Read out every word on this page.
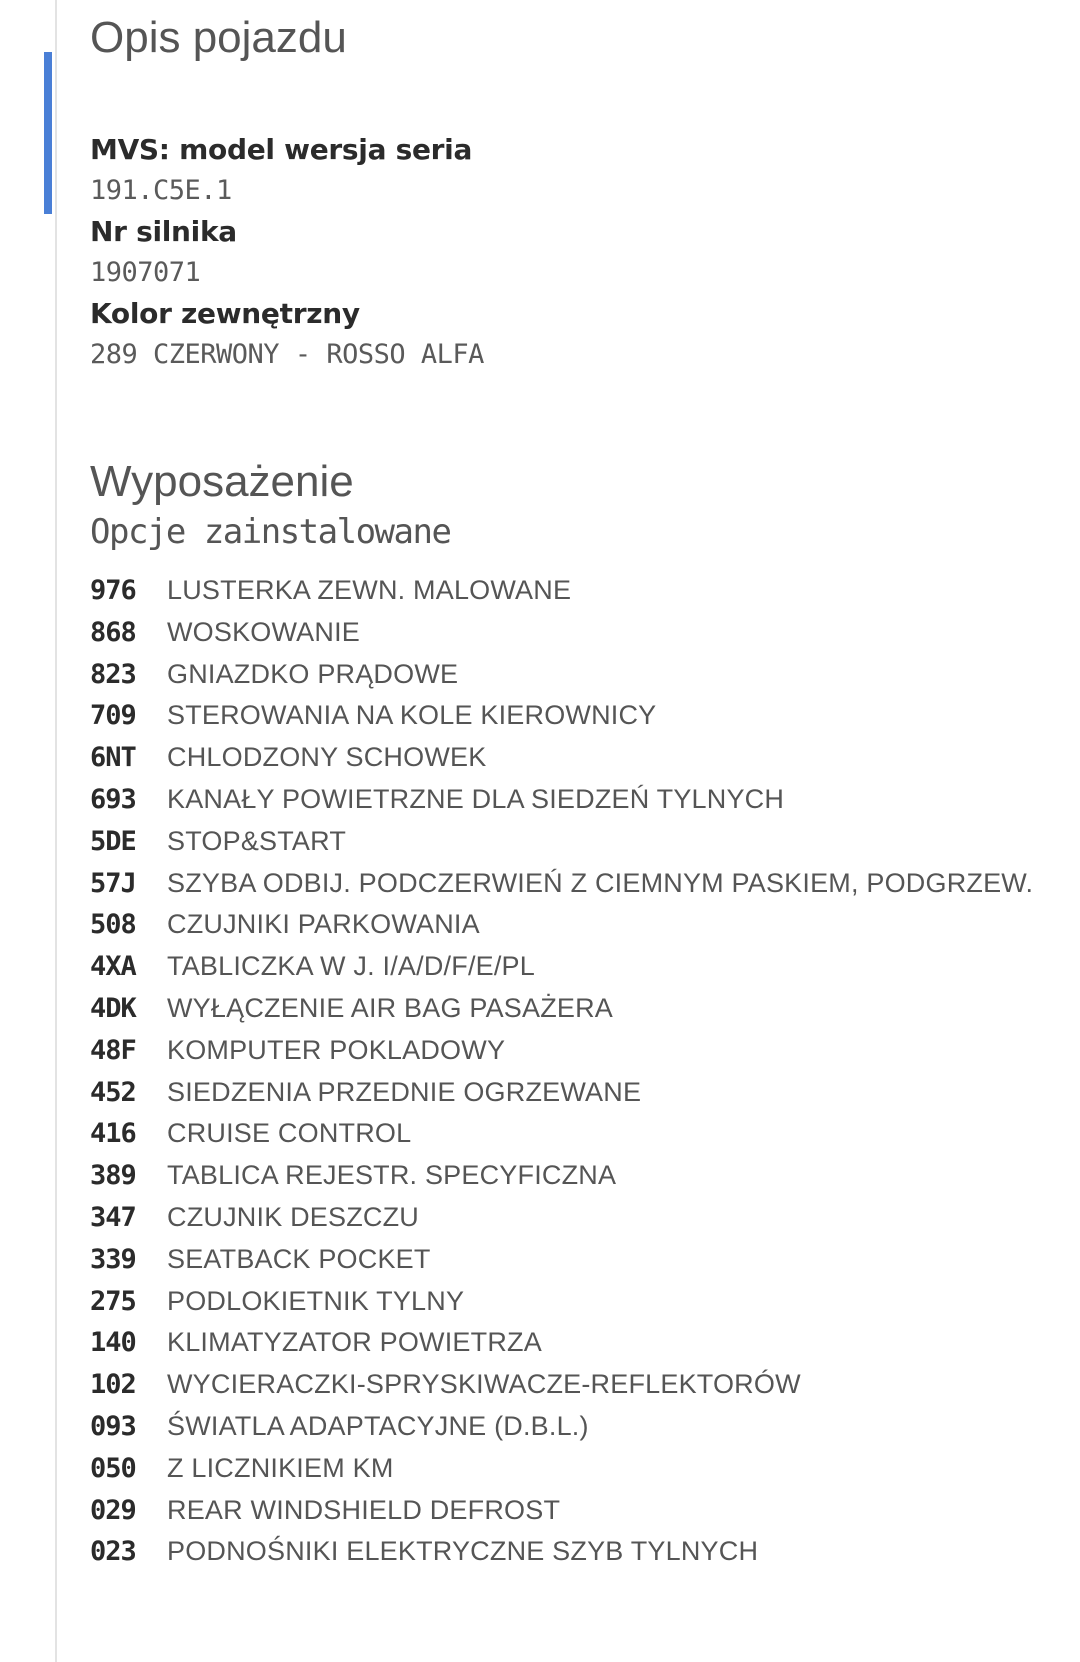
Opis pojazdu
MVS: model wersja seria
191.C5E.1
Nr silnika
1907071
Kolor zewnętrzny
289 CZERWONY - ROSSO ALFA
Wyposażenie
Opcje zainstalowane
976	LUSTERKA ZEWN. MALOWANE
868	WOSKOWANIE
823	GNIAZDKO PRĄDOWE
709	STEROWANIA NA KOLE KIEROWNICY
6NT	CHLODZONY SCHOWEK
693	KANAŁY POWIETRZNE DLA SIEDZEŃ TYLNYCH
5DE	STOP&START
57J	SZYBA ODBIJ. PODCZERWIEŃ Z CIEMNYM PASKIEM, PODGRZEW.
508	CZUJNIKI PARKOWANIA
4XA	TABLICZKA W J. I/A/D/F/E/PL
4DK	WYŁĄCZENIE AIR BAG PASAŻERA
48F	KOMPUTER POKLADOWY
452	SIEDZENIA PRZEDNIE OGRZEWANE
416	CRUISE CONTROL
389	TABLICA REJESTR. SPECYFICZNA
347	CZUJNIK DESZCZU
339	SEATBACK POCKET
275	PODLOKIETNIK TYLNY
140	KLIMATYZATOR POWIETRZA
102	WYCIERACZKI-SPRYSKIWACZE-REFLEKTORÓW
093	ŚWIATLA ADAPTACYJNE (D.B.L.)
050	Z LICZNIKIEM KM
029	REAR WINDSHIELD DEFROST
023	PODNOŚNIKI ELEKTRYCZNE SZYB TYLNYCH
